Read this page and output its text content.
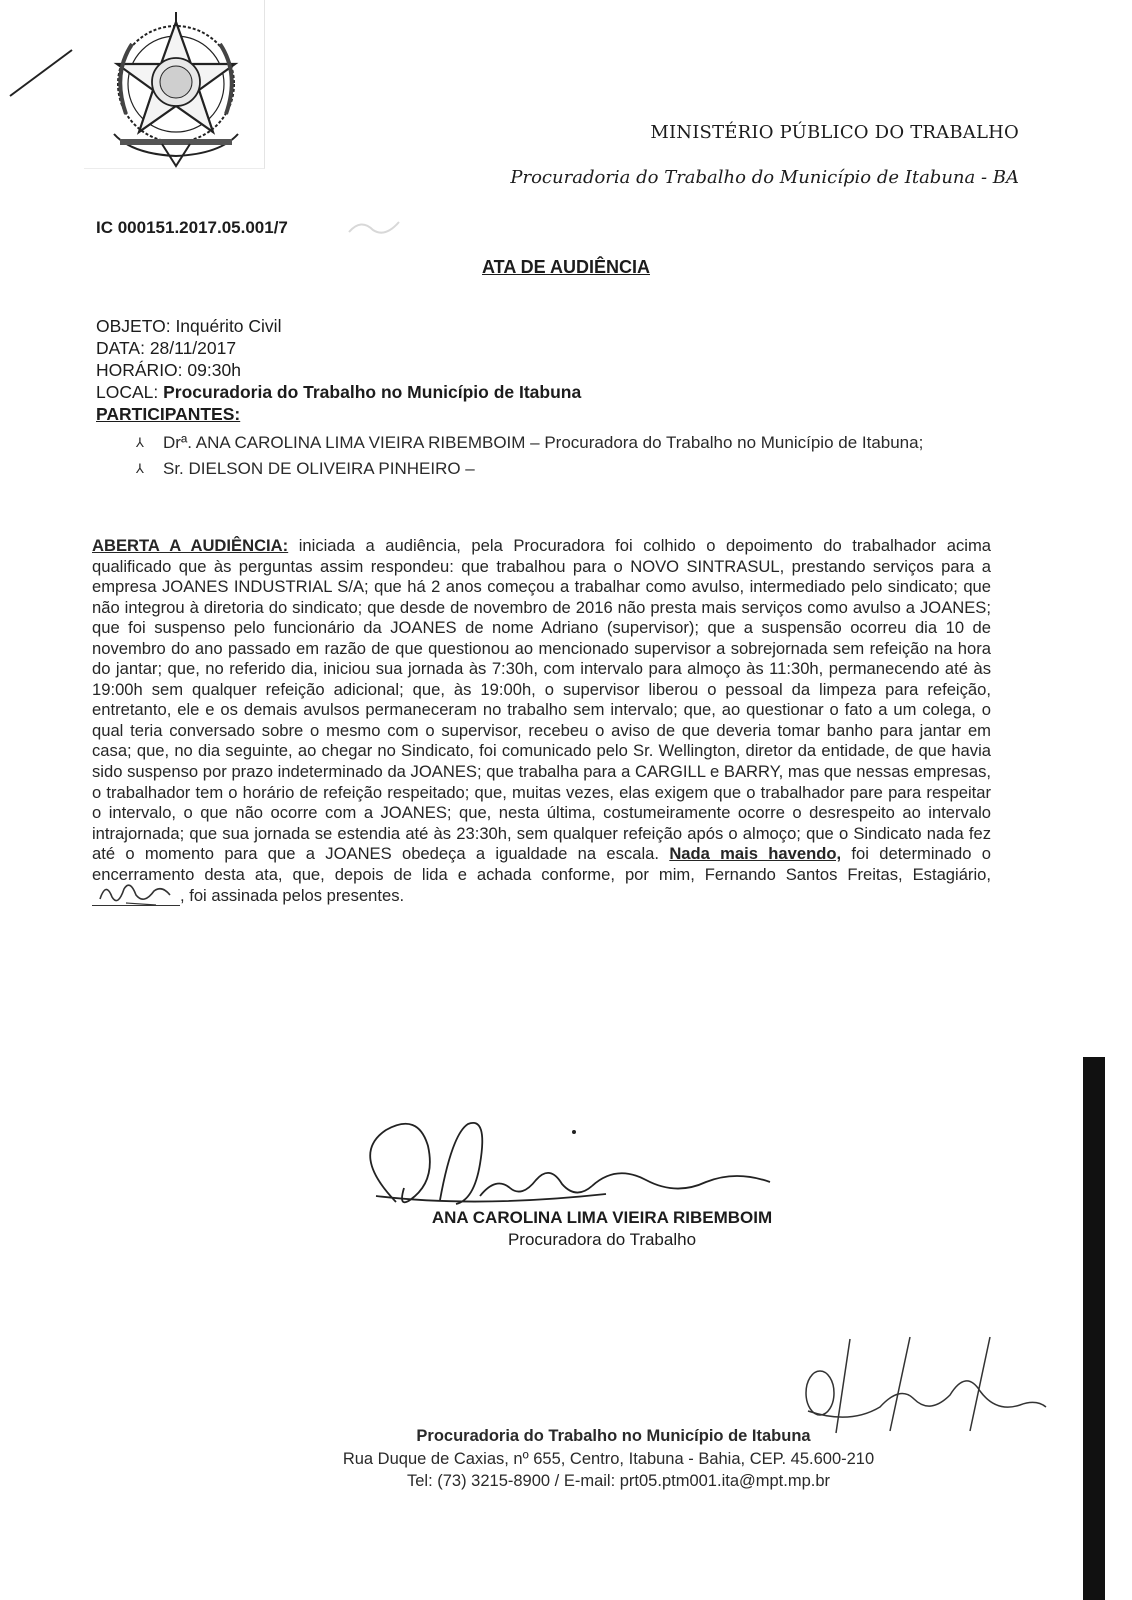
MINISTÉRIO PÚBLICO DO TRABALHO
Procuradoria do Trabalho do Município de Itabuna - BA
IC 000151.2017.05.001/7
ATA DE AUDIÊNCIA
OBJETO: Inquérito Civil
DATA: 28/11/2017
HORÁRIO: 09:30h
LOCAL: Procuradoria do Trabalho no Município de Itabuna
PARTICIPANTES:
⅄ Drª. ANA CAROLINA LIMA VIEIRA RIBEMBOIM – Procuradora do Trabalho no Município de Itabuna;
⅄ Sr. DIELSON DE OLIVEIRA PINHEIRO –
ABERTA A AUDIÊNCIA: iniciada a audiência, pela Procuradora foi colhido o depoimento do trabalhador acima qualificado que às perguntas assim respondeu: que trabalhou para o NOVO SINTRASUL, prestando serviços para a empresa JOANES INDUSTRIAL S/A; que há 2 anos começou a trabalhar como avulso, intermediado pelo sindicato; que não integrou à diretoria do sindicato; que desde de novembro de 2016 não presta mais serviços como avulso a JOANES; que foi suspenso pelo funcionário da JOANES de nome Adriano (supervisor); que a suspensão ocorreu dia 10 de novembro do ano passado em razão de que questionou ao mencionado supervisor a sobrejornada sem refeição na hora do jantar; que, no referido dia, iniciou sua jornada às 7:30h, com intervalo para almoço às 11:30h, permanecendo até às 19:00h sem qualquer refeição adicional; que, às 19:00h, o supervisor liberou o pessoal da limpeza para refeição, entretanto, ele e os demais avulsos permaneceram no trabalho sem intervalo; que, ao questionar o fato a um colega, o qual teria conversado sobre o mesmo com o supervisor, recebeu o aviso de que deveria tomar banho para jantar em casa; que, no dia seguinte, ao chegar no Sindicato, foi comunicado pelo Sr. Wellington, diretor da entidade, de que havia sido suspenso por prazo indeterminado da JOANES; que trabalha para a CARGILL e BARRY, mas que nessas empresas, o trabalhador tem o horário de refeição respeitado; que, muitas vezes, elas exigem que o trabalhador pare para respeitar o intervalo, o que não ocorre com a JOANES; que, nesta última, costumeiramente ocorre o desrespeito ao intervalo intrajornada; que sua jornada se estendia até às 23:30h, sem qualquer refeição após o almoço; que o Sindicato nada fez até o momento para que a JOANES obedeça a igualdade na escala. Nada mais havendo, foi determinado o encerramento desta ata, que, depois de lida e achada conforme, por mim, Fernando Santos Freitas, Estagiário,
, foi assinada pelos presentes.
ANA CAROLINA LIMA VIEIRA RIBEMBOIM
Procuradora do Trabalho
Procuradoria do Trabalho no Município de Itabuna
Rua Duque de Caxias, nº 655, Centro, Itabuna - Bahia, CEP. 45.600-210
Tel: (73) 3215-8900 / E-mail: prt05.ptm001.ita@mpt.mp.br
